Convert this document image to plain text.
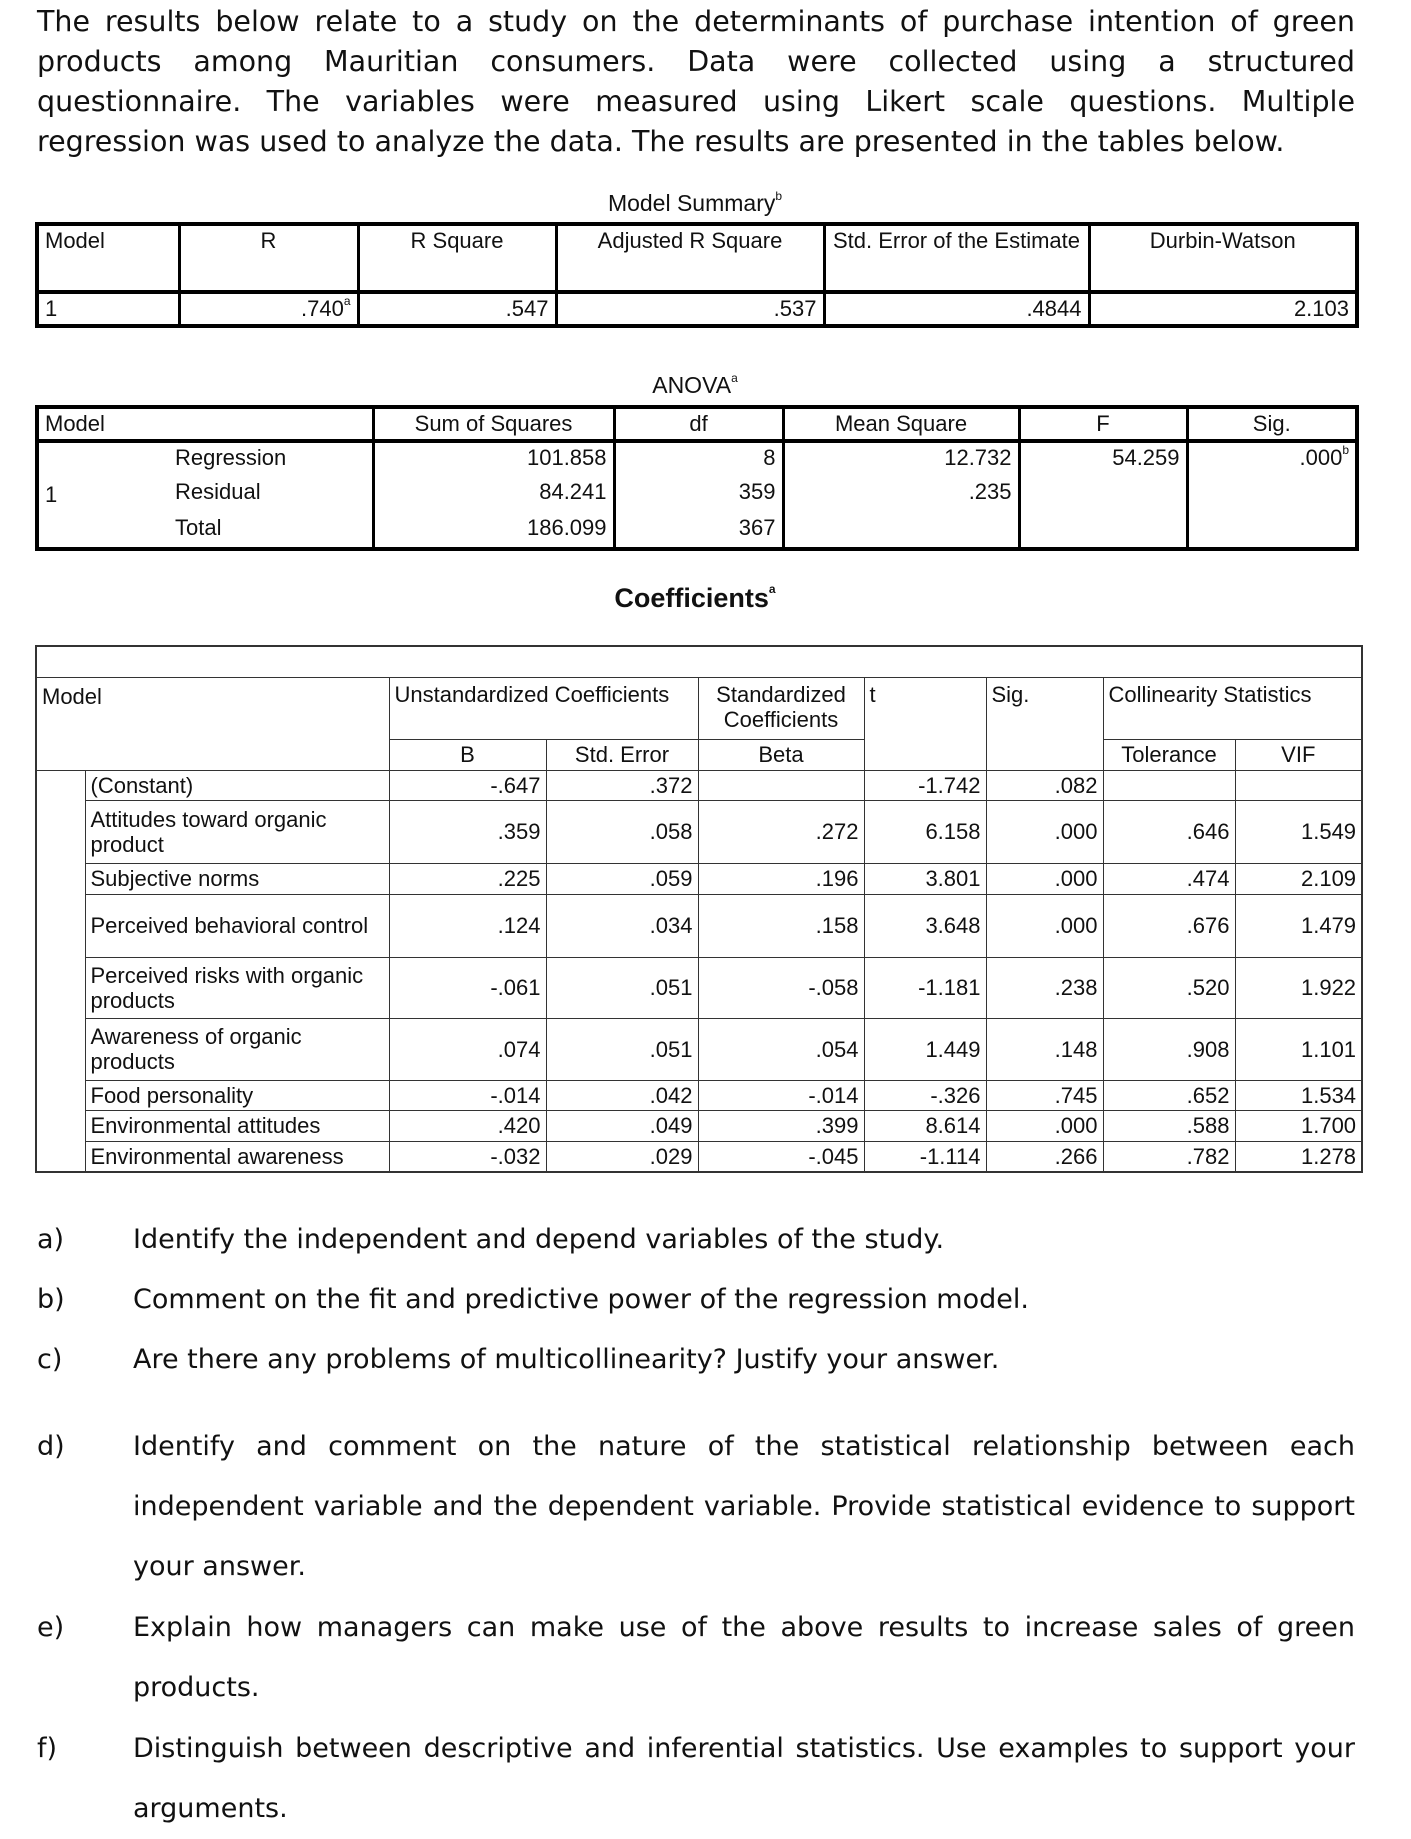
The results below relate to a study on the determinants of purchase intention of green products among Mauritian consumers. Data were collected using a structured questionnaire. The variables were measured using Likert scale questions. Multiple regression was used to analyze the data. The results are presented in the tables below.

Model Summary$^b$
Model	R	R Square	Adjusted R Square	Std. Error of the Estimate	Durbin-Watson
1	.740$^a$	.547	.537	.4844	2.103
ANOVA$^a$
Model		Sum of Squares	df	Mean Square	F	Sig.
1	Regression	101.858	8	12.732	54.259	.000$^b$
	Residual	84.241	359	.235		
	Total	186.099	367			
Coefficients$^a$

Model		Unstandardized Coefficients		Standardized Coefficients	t	Sig.	Collinearity Statistics	
		B	Std. Error	Beta			Tolerance	VIF
	(Constant)	-.647	.372		-1.742	.082		
	Attitudes toward organic product	.359	.058	.272	6.158	.000	.646	1.549
	Subjective norms	.225	.059	.196	3.801	.000	.474	2.109
	Perceived behavioral control	.124	.034	.158	3.648	.000	.676	1.479
	Perceived risks with organic products	-.061	.051	-.058	-1.181	.238	.520	1.922
	Awareness of organic products	.074	.051	.054	1.449	.148	.908	1.101
	Food personality	-.014	.042	-.014	-.326	.745	.652	1.534
	Environmental attitudes	.420	.049	.399	8.614	.000	.588	1.700
	Environmental awareness	-.032	.029	-.045	-1.114	.266	.782	1.278
a)	Identify the independent and depend variables of the study.
b)	Comment on the fit and predictive power of the regression model.
c)	Are there any problems of multicollinearity? Justify your answer.
d)	Identify and comment on the nature of the statistical relationship between each independent variable and the dependent variable. Provide statistical evidence to support your answer.
e)	Explain how managers can make use of the above results to increase sales of green products.
f)	Distinguish between descriptive and inferential statistics. Use examples to support your arguments.
